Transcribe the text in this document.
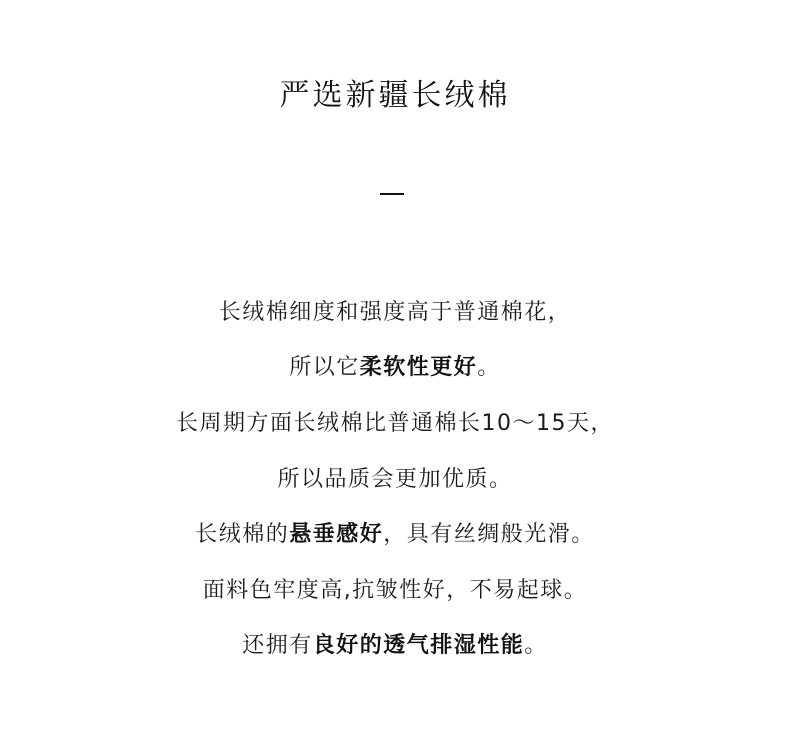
严选新疆长绒棉
长绒棉细度和强度高于普通棉花，
所以它柔软性更好。
长周期方面长绒棉比普通棉长10～15天，
所以品质会更加优质。
长绒棉的悬垂感好，具有丝绸般光滑。
面料色牢度高,抗皱性好，不易起球。
还拥有良好的透气排湿性能。
